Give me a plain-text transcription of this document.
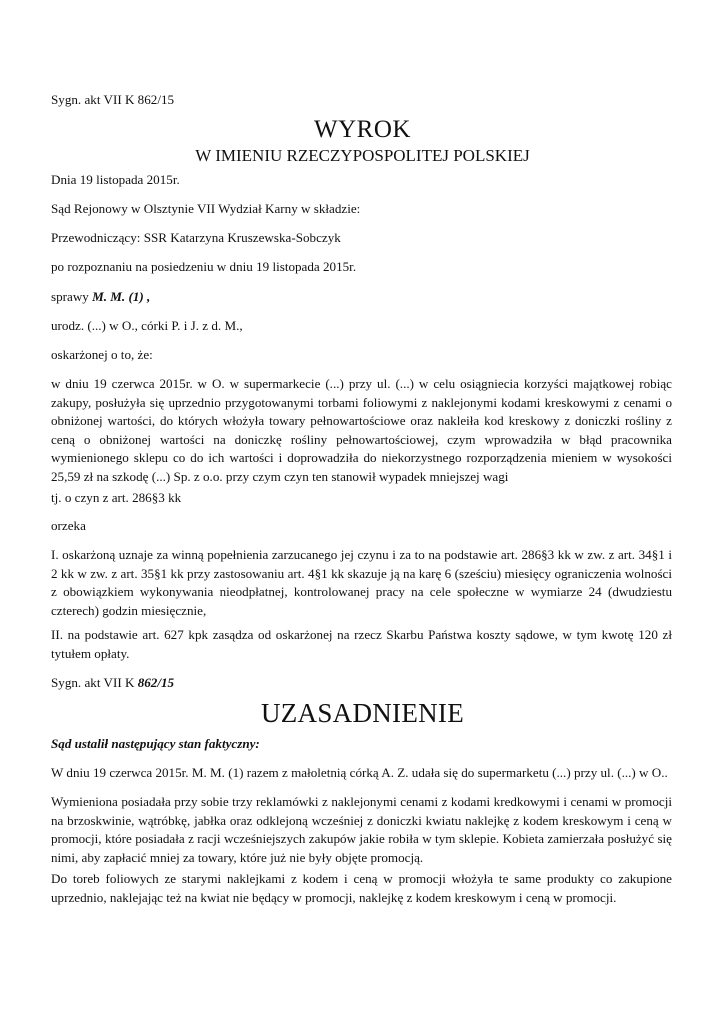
Sygn. akt VII K 862/15

WYROK

W IMIENIU RZECZYPOSPOLITEJ POLSKIEJ

Dnia 19 listopada 2015r.

Sąd Rejonowy w Olsztynie VII Wydział Karny w składzie:

Przewodniczący: SSR Katarzyna Kruszewska-Sobczyk

po rozpoznaniu na posiedzeniu w dniu 19 listopada 2015r.

sprawy M. M. (1) ,

urodz. (...) w O., córki P. i J. z d. M.,

oskarżonej o to, że:

w dniu 19 czerwca 2015r. w O. w supermarkecie (...) przy ul. (...) w celu osiągniecia korzyści majątkowej robiąc zakupy, posłużyła się uprzednio przygotowanymi torbami foliowymi z naklejonymi kodami kreskowymi z cenami o obniżonej wartości, do których włożyła towary pełnowartościowe oraz nakleiła kod kreskowy z doniczki rośliny z ceną o obniżonej wartości na doniczkę rośliny pełnowartościowej, czym wprowadziła w błąd pracownika wymienionego sklepu co do ich wartości i doprowadziła do niekorzystnego rozporządzenia mieniem w wysokości 25,59 zł na szkodę (...) Sp. z o.o. przy czym czyn ten stanowił wypadek mniejszej wagi

tj. o czyn z art. 286§3 kk

orzeka

I. oskarżoną uznaje za winną popełnienia zarzucanego jej czynu i za to na podstawie art. 286§3 kk w zw. z art. 34§1 i 2 kk w zw. z art. 35§1 kk przy zastosowaniu art. 4§1 kk skazuje ją na karę 6 (sześciu) miesięcy ograniczenia wolności z obowiązkiem wykonywania nieodpłatnej, kontrolowanej pracy na cele społeczne w wymiarze 24 (dwudziestu czterech) godzin miesięcznie,

II. na podstawie art. 627 kpk zasądza od oskarżonej na rzecz Skarbu Państwa koszty sądowe, w tym kwotę 120 zł tytułem opłaty.

Sygn. akt VII K 862/15

UZASADNIENIE

Sąd ustalił następujący stan faktyczny:

W dniu 19 czerwca 2015r. M. M. (1) razem z małoletnią córką A. Z. udała się do supermarketu (...) przy ul. (...) w O..

Wymieniona posiadała przy sobie trzy reklamówki z naklejonymi cenami z kodami kredkowymi i cenami w promocji na brzoskwinie, wątróbkę, jabłka oraz odklejoną wcześniej z doniczki kwiatu naklejkę z kodem kreskowym i ceną w promocji, które posiadała z racji wcześniejszych zakupów jakie robiła w tym sklepie. Kobieta zamierzała posłużyć się nimi, aby zapłacić mniej za towary, które już nie były objęte promocją.

Do toreb foliowych ze starymi naklejkami z kodem i ceną w promocji włożyła te same produkty co zakupione uprzednio, naklejając też na kwiat nie będący w promocji, naklejkę z kodem kreskowym i ceną w promocji.
